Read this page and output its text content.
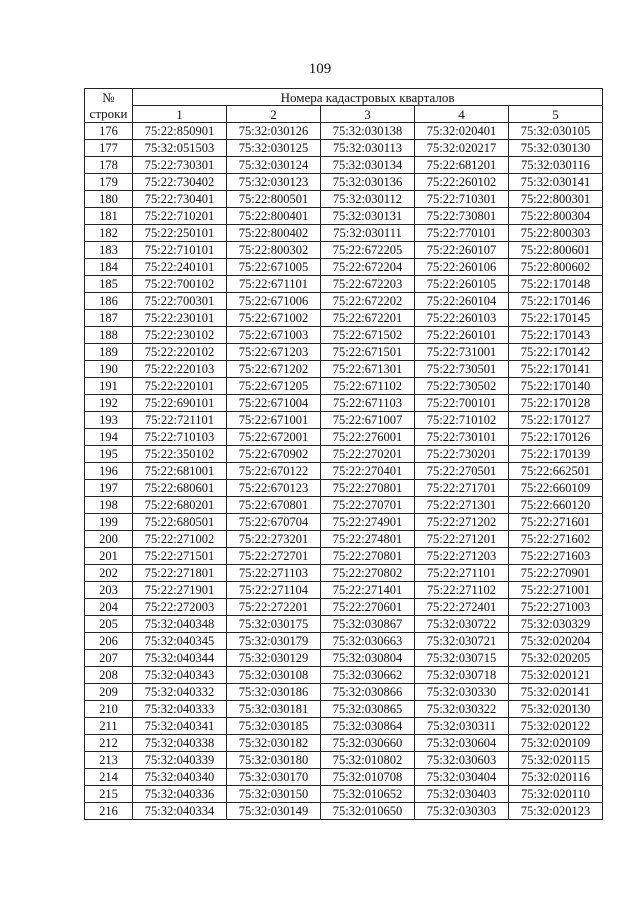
109
№	Номера кадастровых кварталов				
строки	1	2	3	4	5
176	75:22:850901	75:32:030126	75:32:030138	75:32:020401	75:32:030105
177	75:32:051503	75:32:030125	75:32:030113	75:32:020217	75:32:030130
178	75:22:730301	75:32:030124	75:32:030134	75:22:681201	75:32:030116
179	75:22:730402	75:32:030123	75:32:030136	75:22:260102	75:32:030141
180	75:22:730401	75:22:800501	75:32:030112	75:22:710301	75:22:800301
181	75:22:710201	75:22:800401	75:32:030131	75:22:730801	75:22:800304
182	75:22:250101	75:22:800402	75:32:030111	75:22:770101	75:22:800303
183	75:22:710101	75:22:800302	75:22:672205	75:22:260107	75:22:800601
184	75:22:240101	75:22:671005	75:22:672204	75:22:260106	75:22:800602
185	75:22:700102	75:22:671101	75:22:672203	75:22:260105	75:22:170148
186	75:22:700301	75:22:671006	75:22:672202	75:22:260104	75:22:170146
187	75:22:230101	75:22:671002	75:22:672201	75:22:260103	75:22:170145
188	75:22:230102	75:22:671003	75:22:671502	75:22:260101	75:22:170143
189	75:22:220102	75:22:671203	75:22:671501	75:22:731001	75:22:170142
190	75:22:220103	75:22:671202	75:22:671301	75:22:730501	75:22:170141
191	75:22:220101	75:22:671205	75:22:671102	75:22:730502	75:22:170140
192	75:22:690101	75:22:671004	75:22:671103	75:22:700101	75:22:170128
193	75:22:721101	75:22:671001	75:22:671007	75:22:710102	75:22:170127
194	75:22:710103	75:22:672001	75:22:276001	75:22:730101	75:22:170126
195	75:22:350102	75:22:670902	75:22:270201	75:22:730201	75:22:170139
196	75:22:681001	75:22:670122	75:22:270401	75:22:270501	75:22:662501
197	75:22:680601	75:22:670123	75:22:270801	75:22:271701	75:22:660109
198	75:22:680201	75:22:670801	75:22:270701	75:22:271301	75:22:660120
199	75:22:680501	75:22:670704	75:22:274901	75:22:271202	75:22:271601
200	75:22:271002	75:22:273201	75:22:274801	75:22:271201	75:22:271602
201	75:22:271501	75:22:272701	75:22:270801	75:22:271203	75:22:271603
202	75:22:271801	75:22:271103	75:22:270802	75:22:271101	75:22:270901
203	75:22:271901	75:22:271104	75:22:271401	75:22:271102	75:22:271001
204	75:22:272003	75:22:272201	75:22:270601	75:22:272401	75:22:271003
205	75:32:040348	75:32:030175	75:32:030867	75:32:030722	75:32:030329
206	75:32:040345	75:32:030179	75:32:030663	75:32:030721	75:32:020204
207	75:32:040344	75:32:030129	75:32:030804	75:32:030715	75:32:020205
208	75:32:040343	75:32:030108	75:32:030662	75:32:030718	75:32:020121
209	75:32:040332	75:32:030186	75:32:030866	75:32:030330	75:32:020141
210	75:32:040333	75:32:030181	75:32:030865	75:32:030322	75:32:020130
211	75:32:040341	75:32:030185	75:32:030864	75:32:030311	75:32:020122
212	75:32:040338	75:32:030182	75:32:030660	75:32:030604	75:32:020109
213	75:32:040339	75:32:030180	75:32:010802	75:32:030603	75:32:020115
214	75:32:040340	75:32:030170	75:32:010708	75:32:030404	75:32:020116
215	75:32:040336	75:32:030150	75:32:010652	75:32:030403	75:32:020110
216	75:32:040334	75:32:030149	75:32:010650	75:32:030303	75:32:020123
